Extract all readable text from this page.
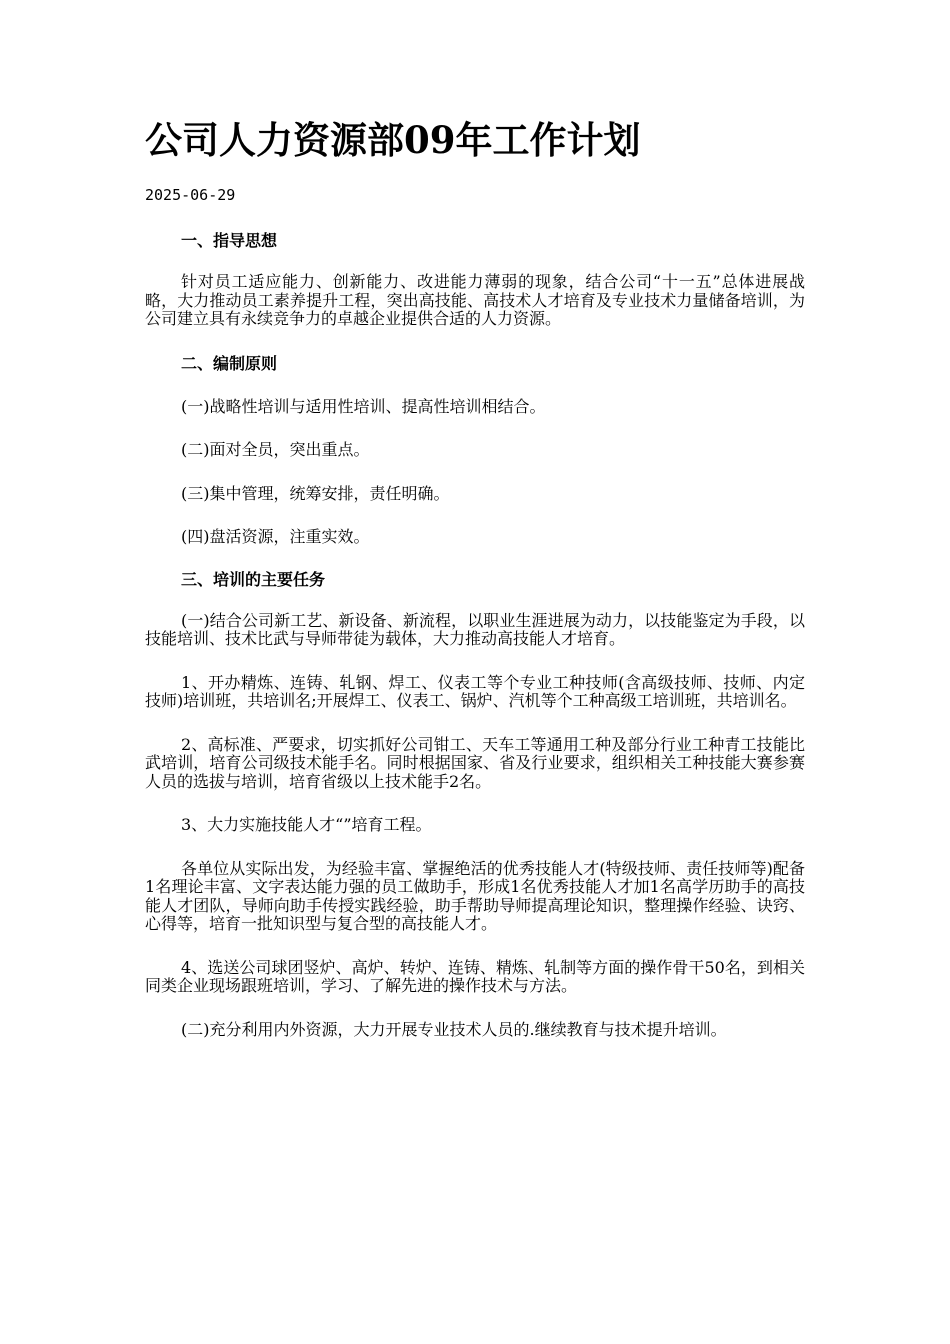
公司人力资源部09年工作计划
2025-06-29

一、指导思想

针对员工适应能力、创新能力、改进能力薄弱的现象，结合公司“十一五”总体进展战略，大力推动员工素养提升工程，突出高技能、高技术人才培育及专业技术力量储备培训，为公司建立具有永续竞争力的卓越企业提供合适的人力资源。

二、编制原则

(一)战略性培训与适用性培训、提高性培训相结合。

(二)面对全员，突出重点。

(三)集中管理，统筹安排，责任明确。

(四)盘活资源，注重实效。

三、培训的主要任务

(一)结合公司新工艺、新设备、新流程，以职业生涯进展为动力，以技能鉴定为手段，以技能培训、技术比武与导师带徒为载体，大力推动高技能人才培育。

1、开办精炼、连铸、轧钢、焊工、仪表工等个专业工种技师(含高级技师、技师、内定技师)培训班，共培训名;开展焊工、仪表工、锅炉、汽机等个工种高级工培训班，共培训名。

2、高标准、严要求，切实抓好公司钳工、天车工等通用工种及部分行业工种青工技能比武培训，培育公司级技术能手名。同时根据国家、省及行业要求，组织相关工种技能大赛参赛人员的选拔与培训，培育省级以上技术能手2名。

3、大力实施技能人才“”培育工程。

各单位从实际出发，为经验丰富、掌握绝活的优秀技能人才(特级技师、责任技师等)配备1名理论丰富、文字表达能力强的员工做助手，形成1名优秀技能人才加1名高学历助手的高技能人才团队，导师向助手传授实践经验，助手帮助导师提高理论知识，整理操作经验、诀窍、心得等，培育一批知识型与复合型的高技能人才。

4、选送公司球团竖炉、高炉、转炉、连铸、精炼、轧制等方面的操作骨干50名，到相关同类企业现场跟班培训，学习、了解先进的操作技术与方法。

(二)充分利用内外资源，大力开展专业技术人员的.继续教育与技术提升培训。
